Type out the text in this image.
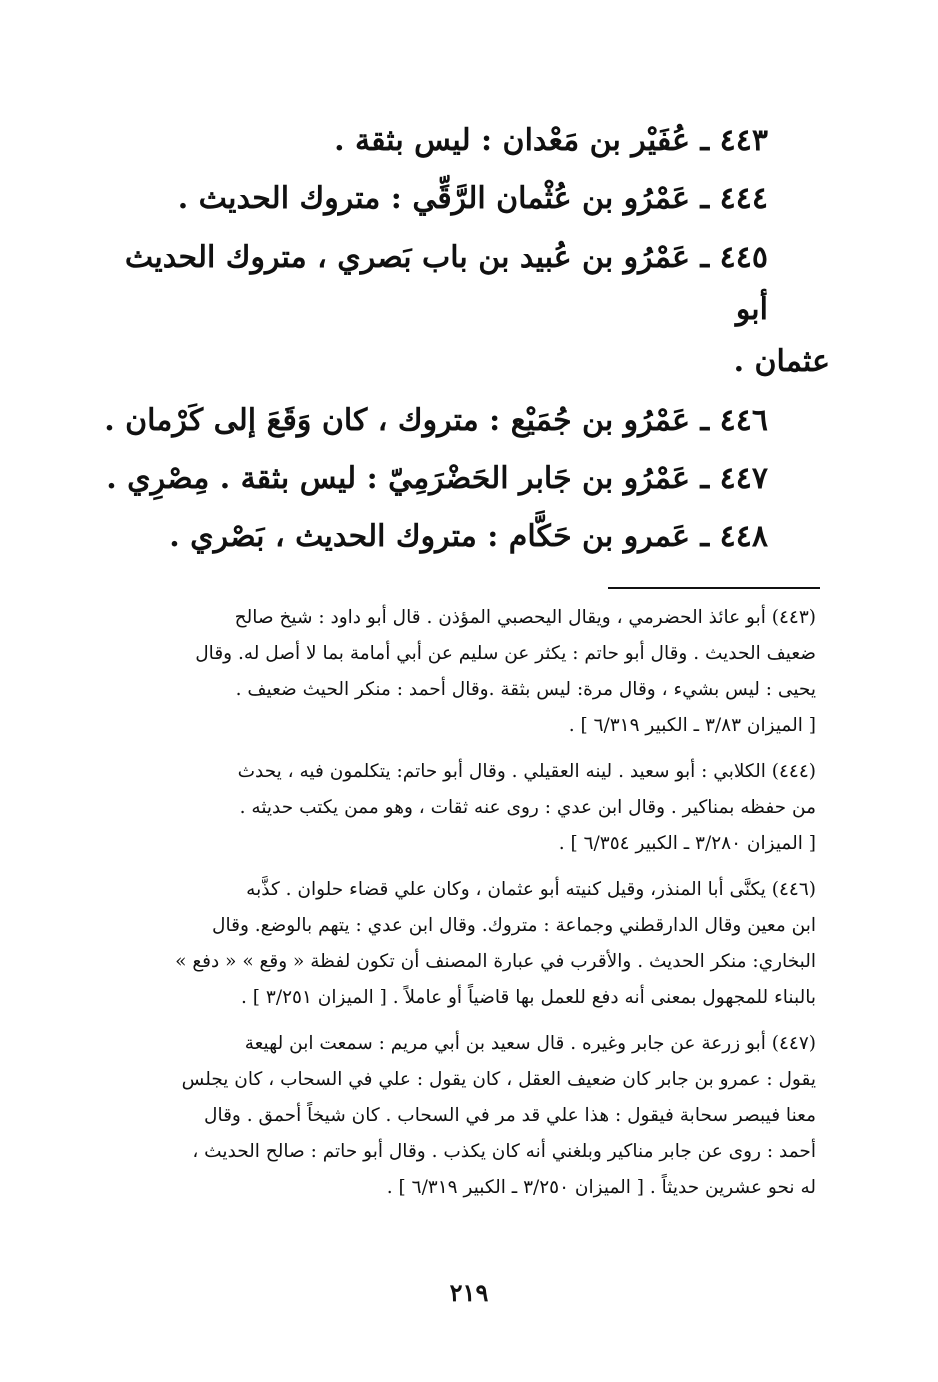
٤٤٣ ـ عُفَيْر بن مَعْدان : ليس بثقة .
٤٤٤ ـ عَمْرُو بن عُثْمان الرَّقِّي : متروك الحديث .
٤٤٥ ـ عَمْرُو بن عُبيد بن باب بَصري ، متروك الحديث أبو
عثمان .
٤٤٦ ـ عَمْرُو بن جُمَيْع : متروك ، كان وَقَعَ إلى كَرْمان .
٤٤٧ ـ عَمْرُو بن جَابر الحَضْرَمِيّ : ليس بثقة . مِصْرِي .
٤٤٨ ـ عَمرو بن حَكَّام : متروك الحديث ، بَصْري .
(٤٤٣) أبو عائذ الحضرمي ، ويقال اليحصبي المؤذن . قال أبو داود : شيخ صالح
ضعيف الحديث . وقال أبو حاتم : يكثر عن سليم عن أبي أمامة بما لا أصل له. وقال
يحيى : ليس بشيء ، وقال مرة: ليس بثقة .وقال أحمد : منكر الحيث ضعيف .
[ الميزان ٣/٨٣ ـ الكبير ٦/٣١٩ ] .
(٤٤٤) الكلابي : أبو سعيد . لينه العقيلي . وقال أبو حاتم: يتكلمون فيه ، يحدث
من حفظه بمناكير . وقال ابن عدي : روى عنه ثقات ، وهو ممن يكتب حديثه .
[ الميزان ٣/٢٨٠ ـ الكبير ٦/٣٥٤ ] .
(٤٤٦) يكنَّى أبا المنذر، وقيل كنيته أبو عثمان ، وكان علي قضاء حلوان . كذَّبه
ابن معين وقال الدارقطني وجماعة : متروك. وقال ابن عدي : يتهم بالوضع. وقال
البخاري: منكر الحديث . والأقرب في عبارة المصنف أن تكون لفظة « وقع » « دفع »
بالبناء للمجهول بمعنى أنه دفع للعمل بها قاضياً أو عاملاً . [ الميزان ٣/٢٥١ ] .
(٤٤٧) أبو زرعة عن جابر وغيره . قال سعيد بن أبي مريم : سمعت ابن لهيعة
يقول : عمرو بن جابر كان ضعيف العقل ، كان يقول : علي في السحاب ، كان يجلس
معنا فيبصر سحابة فيقول : هذا علي قد مر في السحاب . كان شيخاً أحمق . وقال
أحمد : روى عن جابر مناكير وبلغني أنه كان يكذب . وقال أبو حاتم : صالح الحديث ،
له نحو عشرين حديثاً . [ الميزان ٣/٢٥٠ ـ الكبير ٦/٣١٩ ] .
٢١٩
